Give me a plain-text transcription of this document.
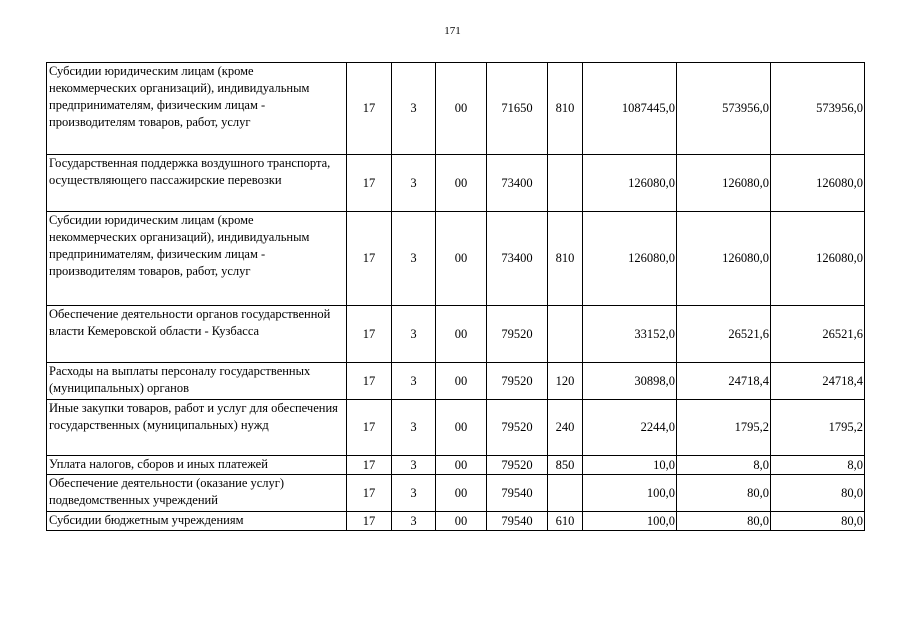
171
Субсидии юридическим лицам (кроме некоммерческих организаций), индивидуальным предпринимателям, физическим лицам - производителям товаров, работ, услуг	17	3	00	71650	810	1087445,0	573956,0	573956,0
Государственная поддержка воздушного транспорта, осуществляющего пассажирские перевозки	17	3	00	73400		126080,0	126080,0	126080,0
Субсидии юридическим лицам (кроме некоммерческих организаций), индивидуальным предпринимателям, физическим лицам - производителям товаров, работ, услуг	17	3	00	73400	810	126080,0	126080,0	126080,0
Обеспечение деятельности органов государственной власти Кемеровской области - Кузбасса	17	3	00	79520		33152,0	26521,6	26521,6
Расходы на выплаты персоналу государственных (муниципальных) органов	17	3	00	79520	120	30898,0	24718,4	24718,4
Иные закупки товаров, работ и услуг для обеспечения государственных (муниципальных) нужд	17	3	00	79520	240	2244,0	1795,2	1795,2
Уплата налогов, сборов и иных платежей	17	3	00	79520	850	10,0	8,0	8,0
Обеспечение деятельности (оказание услуг) подведомственных учреждений	17	3	00	79540		100,0	80,0	80,0
Субсидии бюджетным учреждениям	17	3	00	79540	610	100,0	80,0	80,0
